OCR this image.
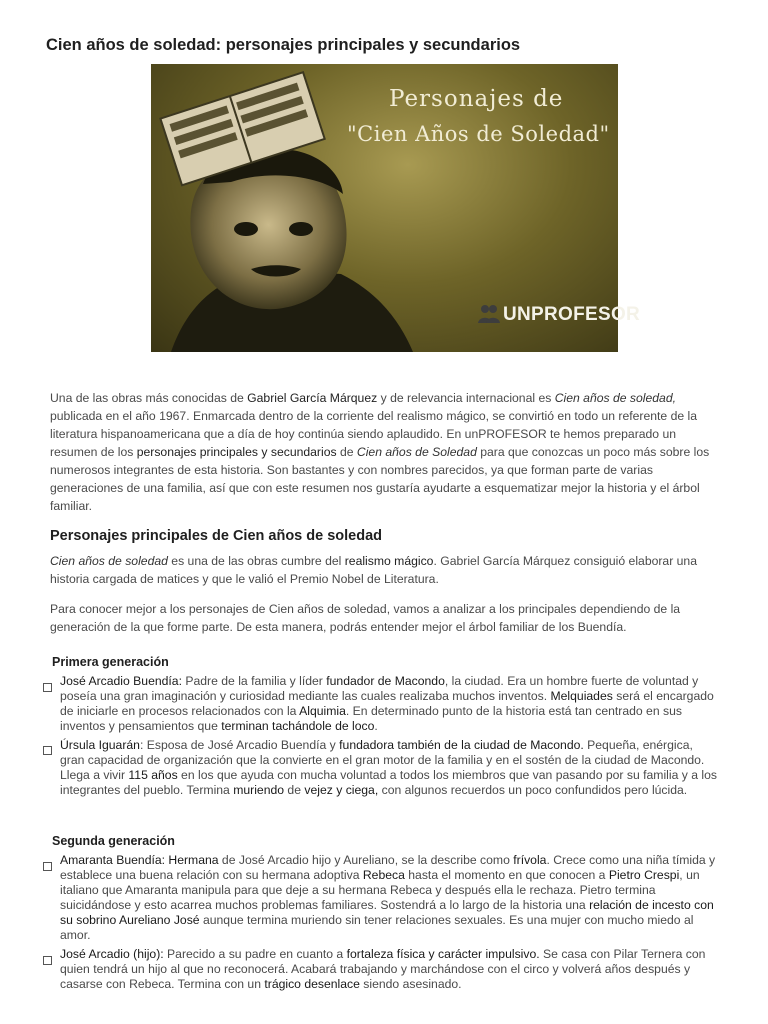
Cien años de soledad: personajes principales y secundarios
Personajes de
"Cien Años de Soledad"
UNPROFESOR

Una de las obras más conocidas de Gabriel García Márquez y de relevancia internacional es Cien años de soledad, publicada en el año 1967. Enmarcada dentro de la corriente del realismo mágico, se convirtió en todo un referente de la literatura hispanoamericana que a día de hoy continúa siendo aplaudido. En unPROFESOR te hemos preparado un resumen de los personajes principales y secundarios de Cien años de Soledad para que conozcas un poco más sobre los numerosos integrantes de esta historia. Son bastantes y con nombres parecidos, ya que forman parte de varias generaciones de una familia, así que con este resumen nos gustaría ayudarte a esquematizar mejor la historia y el árbol familiar.

Personajes principales de Cien años de soledad

Cien años de soledad es una de las obras cumbre del realismo mágico. Gabriel García Márquez consiguió elaborar una historia cargada de matices y que le valió el Premio Nobel de Literatura.

Para conocer mejor a los personajes de Cien años de soledad, vamos a analizar a los principales dependiendo de la generación de la que forme parte. De esta manera, podrás entender mejor el árbol familiar de los Buendía.

Primera generación

José Arcadio Buendía: Padre de la familia y líder fundador de Macondo, la ciudad. Era un hombre fuerte de voluntad y poseía una gran imaginación y curiosidad mediante las cuales realizaba muchos inventos. Melquiades será el encargado de iniciarle en procesos relacionados con la Alquimia. En determinado punto de la historia está tan centrado en sus inventos y pensamientos que terminan tachándole de loco.

Úrsula Iguarán: Esposa de José Arcadio Buendía y fundadora también de la ciudad de Macondo. Pequeña, enérgica, gran capacidad de organización que la convierte en el gran motor de la familia y en el sostén de la ciudad de Macondo. Llega a vivir 115 años en los que ayuda con mucha voluntad a todos los miembros que van pasando por su familia y a los integrantes del pueblo. Termina muriendo de vejez y ciega, con algunos recuerdos un poco confundidos pero lúcida.

Segunda generación

Amaranta Buendía: Hermana de José Arcadio hijo y Aureliano, se la describe como frívola. Crece como una niña tímida y establece una buena relación con su hermana adoptiva Rebeca hasta el momento en que conocen a Pietro Crespi, un italiano que Amaranta manipula para que deje a su hermana Rebeca y después ella le rechaza. Pietro termina suicidándose y esto acarrea muchos problemas familiares. Sostendrá a lo largo de la historia una relación de incesto con su sobrino Aureliano José aunque termina muriendo sin tener relaciones sexuales. Es una mujer con mucho miedo al amor.

José Arcadio (hijo): Parecido a su padre en cuanto a fortaleza física y carácter impulsivo. Se casa con Pilar Ternera con quien tendrá un hijo al que no reconocerá. Acabará trabajando y marchándose con el circo y volverá años después y casarse con Rebeca. Termina con un trágico desenlace siendo asesinado.
